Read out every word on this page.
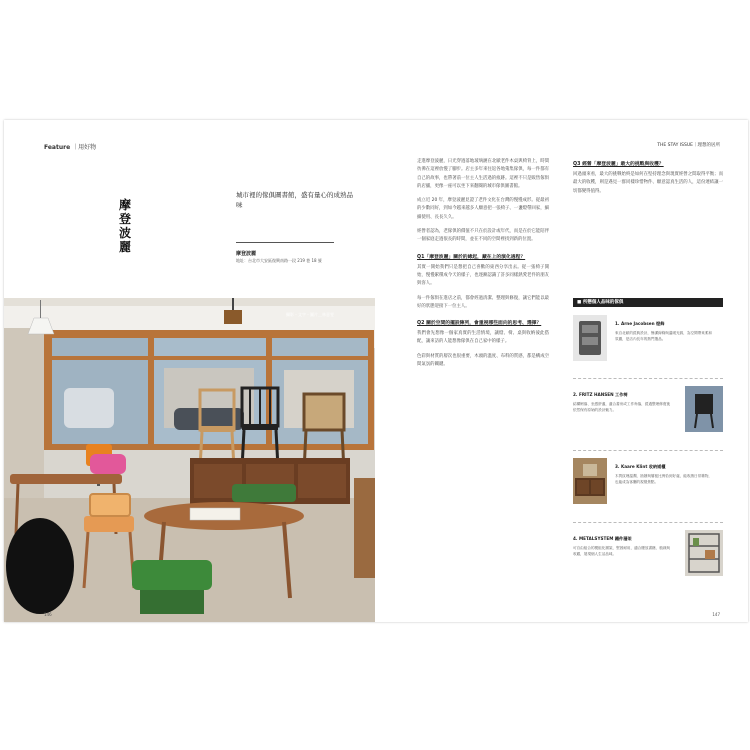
Feature ｜用好物
摩登波麗
城市裡的傢俱圖書館，盛有量心的成熟品味
摩登波麗
地址：台北市大安區復興南路一段 219 巷 18 號
攝影・文字・圖片＿林意雯
146
THE STAY ISSUE｜理想的居所

走進摩登波麗，日光穿過落地玻璃灑在北歐老件木桌與椅背上，時間彷彿在這裡放慢了腳步。店主多年來往返各地蒐集傢俱，每一件都有自己的故事，也帶著前一位主人生活過的痕跡。這裡不只是販售傢俱的店舖，更像一座可以坐下來翻閱的城市傢俱圖書館。

成立近 20 年，摩登波麗見證了老件文化在台灣的慢慢成形。從最初的少數同好，到如今越來越多人願意把一張椅子、一盞燈帶回家，細細使用、長長久久。

經營者認為，老傢俱的價值不只在於設計或年代，而是在於它能陪伴一個家庭走過很長的時間，並在不同的空間裡找到新的位置。

Q1「摩登波麗」關於的緣起，藏在上的演化過程？

其實一開始我們只是想把自己喜歡的東西分享出去。從一張椅子開始，慢慢累積成今天的樣子，也逐漸認識了許多同樣熱愛老件的朋友與客人。

每一件傢俱在進店之前，都會經過清潔、整理與修復，讓它們能以最好的狀態迎接下一位主人。

Q2 關於空間的擺設陳列，會重視哪些面向的思考、選擇？

我們會先想像一個家真實的生活情境，讓燈、椅、桌與收納彼此搭配，讓來訪的人能想像傢俱在自己家中的樣子。

色彩與材質的層次也很重要，木頭的溫度、布料的質感，都是構成空間氣氛的關鍵。

Q3 經營「摩登波麗」最大的挑戰與收穫？

回過頭來看，最大的挑戰始終是如何在堅持理念與現實經營之間取得平衡；而最大的收穫，則是遇見一群同樣珍惜物件、願意認真生活的人，這份連結讓一切都變得值得。

■ 所戀個人品味的傢俱
1. Arne Jacobsen 燈飾
來自北歐的經典設計，簡潔線條與溫暖光源，為空間帶來柔和氛圍，是店內長年的熱門選品。
2. FRITZ HANSEN 工作椅
結構俐落、坐感舒適，適合書房或工作角落，經過整理修復後依然保有原始的設計魅力。
3. Kaare Klint 收納矮櫃
木質紋理溫潤，抽屜與層板比例恰到好處，能收納日常雜物，也能成為客廳的視覺焦點。
4. METALSYSTEM 鐵件層架
可自由組合的模組化層架，堅固耐用，適合擺放書籍、植栽與收藏，展現個人生活品味。
147
